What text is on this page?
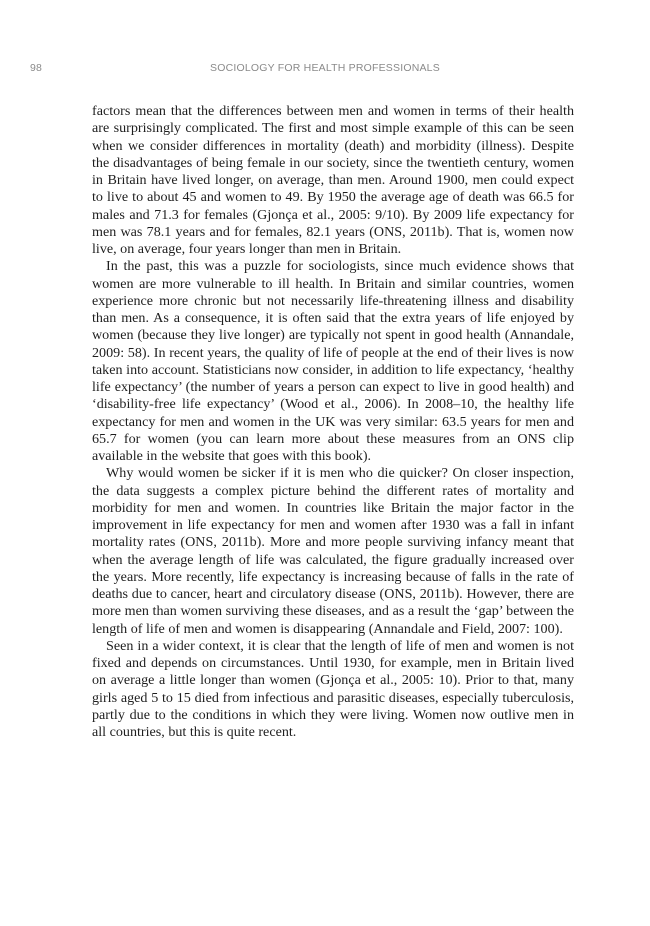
98	SOCIOLOGY FOR HEALTH PROFESSIONALS

factors mean that the differences between men and women in terms of their health are surprisingly complicated. The first and most simple example of this can be seen when we consider differences in mortality (death) and morbidity (illness). Despite the disadvantages of being female in our society, since the twentieth century, women in Britain have lived longer, on average, than men. Around 1900, men could expect to live to about 45 and women to 49. By 1950 the average age of death was 66.5 for males and 71.3 for females (Gjonça et al., 2005: 9/10). By 2009 life expectancy for men was 78.1 years and for females, 82.1 years (ONS, 2011b). That is, women now live, on average, four years longer than men in Britain.

In the past, this was a puzzle for sociologists, since much evidence shows that women are more vulnerable to ill health. In Britain and similar countries, women experience more chronic but not necessarily life-threatening illness and disability than men. As a consequence, it is often said that the extra years of life enjoyed by women (because they live longer) are typically not spent in good health (Annandale, 2009: 58). In recent years, the quality of life of people at the end of their lives is now taken into account. Statisticians now consider, in addition to life expectancy, ‘healthy life expectancy’ (the number of years a person can expect to live in good health) and ‘disability-free life expectancy’ (Wood et al., 2006). In 2008–10, the healthy life expectancy for men and women in the UK was very similar: 63.5 years for men and 65.7 for women (you can learn more about these measures from an ONS clip available in the website that goes with this book).

Why would women be sicker if it is men who die quicker? On closer inspection, the data suggests a complex picture behind the different rates of mortality and morbidity for men and women. In countries like Britain the major factor in the improvement in life expectancy for men and women after 1930 was a fall in infant mortality rates (ONS, 2011b). More and more people surviving infancy meant that when the average length of life was calculated, the figure gradually increased over the years. More recently, life expectancy is increasing because of falls in the rate of deaths due to cancer, heart and circulatory disease (ONS, 2011b). However, there are more men than women surviving these diseases, and as a result the ‘gap’ between the length of life of men and women is disappearing (Annandale and Field, 2007: 100).

Seen in a wider context, it is clear that the length of life of men and women is not fixed and depends on circumstances. Until 1930, for example, men in Britain lived on average a little longer than women (Gjonça et al., 2005: 10). Prior to that, many girls aged 5 to 15 died from infectious and parasitic diseases, especially tuberculosis, partly due to the conditions in which they were living. Women now outlive men in all countries, but this is quite recent.
